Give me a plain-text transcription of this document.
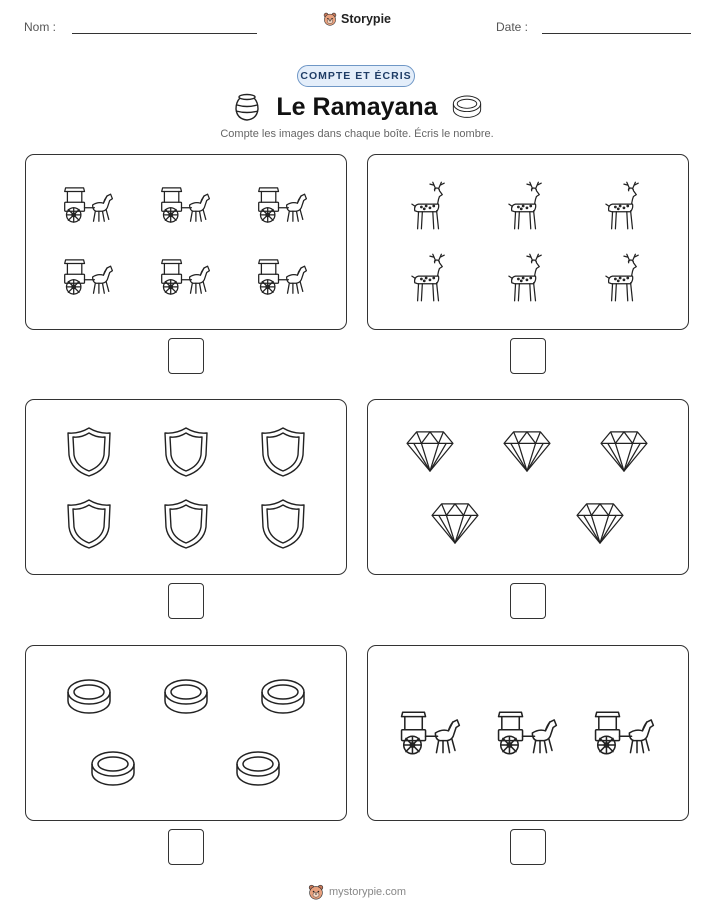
Nom :
Storypie
Date :
COMPTE ET ÉCRIS
Le Ramayana
Compte les images dans chaque boîte. Écris le nombre.
mystorypie.com
